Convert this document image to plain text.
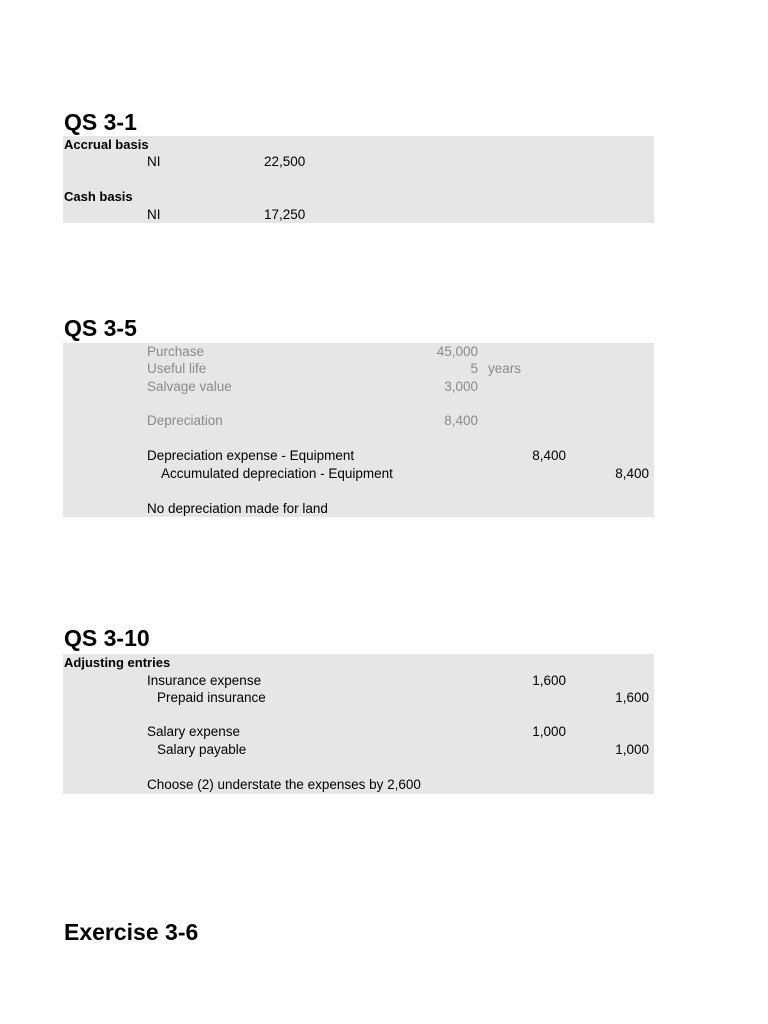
QS 3-1
Accrual basis
NI	22,500
Cash basis
NI	17,250
QS 3-5
Purchase	45,000
Useful life	5 years
Salvage value	3,000
Depreciation	8,400
Depreciation expense - Equipment	8,400
Accumulated depreciation - Equipment	8,400
No depreciation made for land
QS 3-10
Adjusting entries
Insurance expense	1,600
Prepaid insurance	1,600
Salary expense	1,000
Salary payable	1,000
Choose (2) understate the expenses by 2,600
Exercise 3-6
